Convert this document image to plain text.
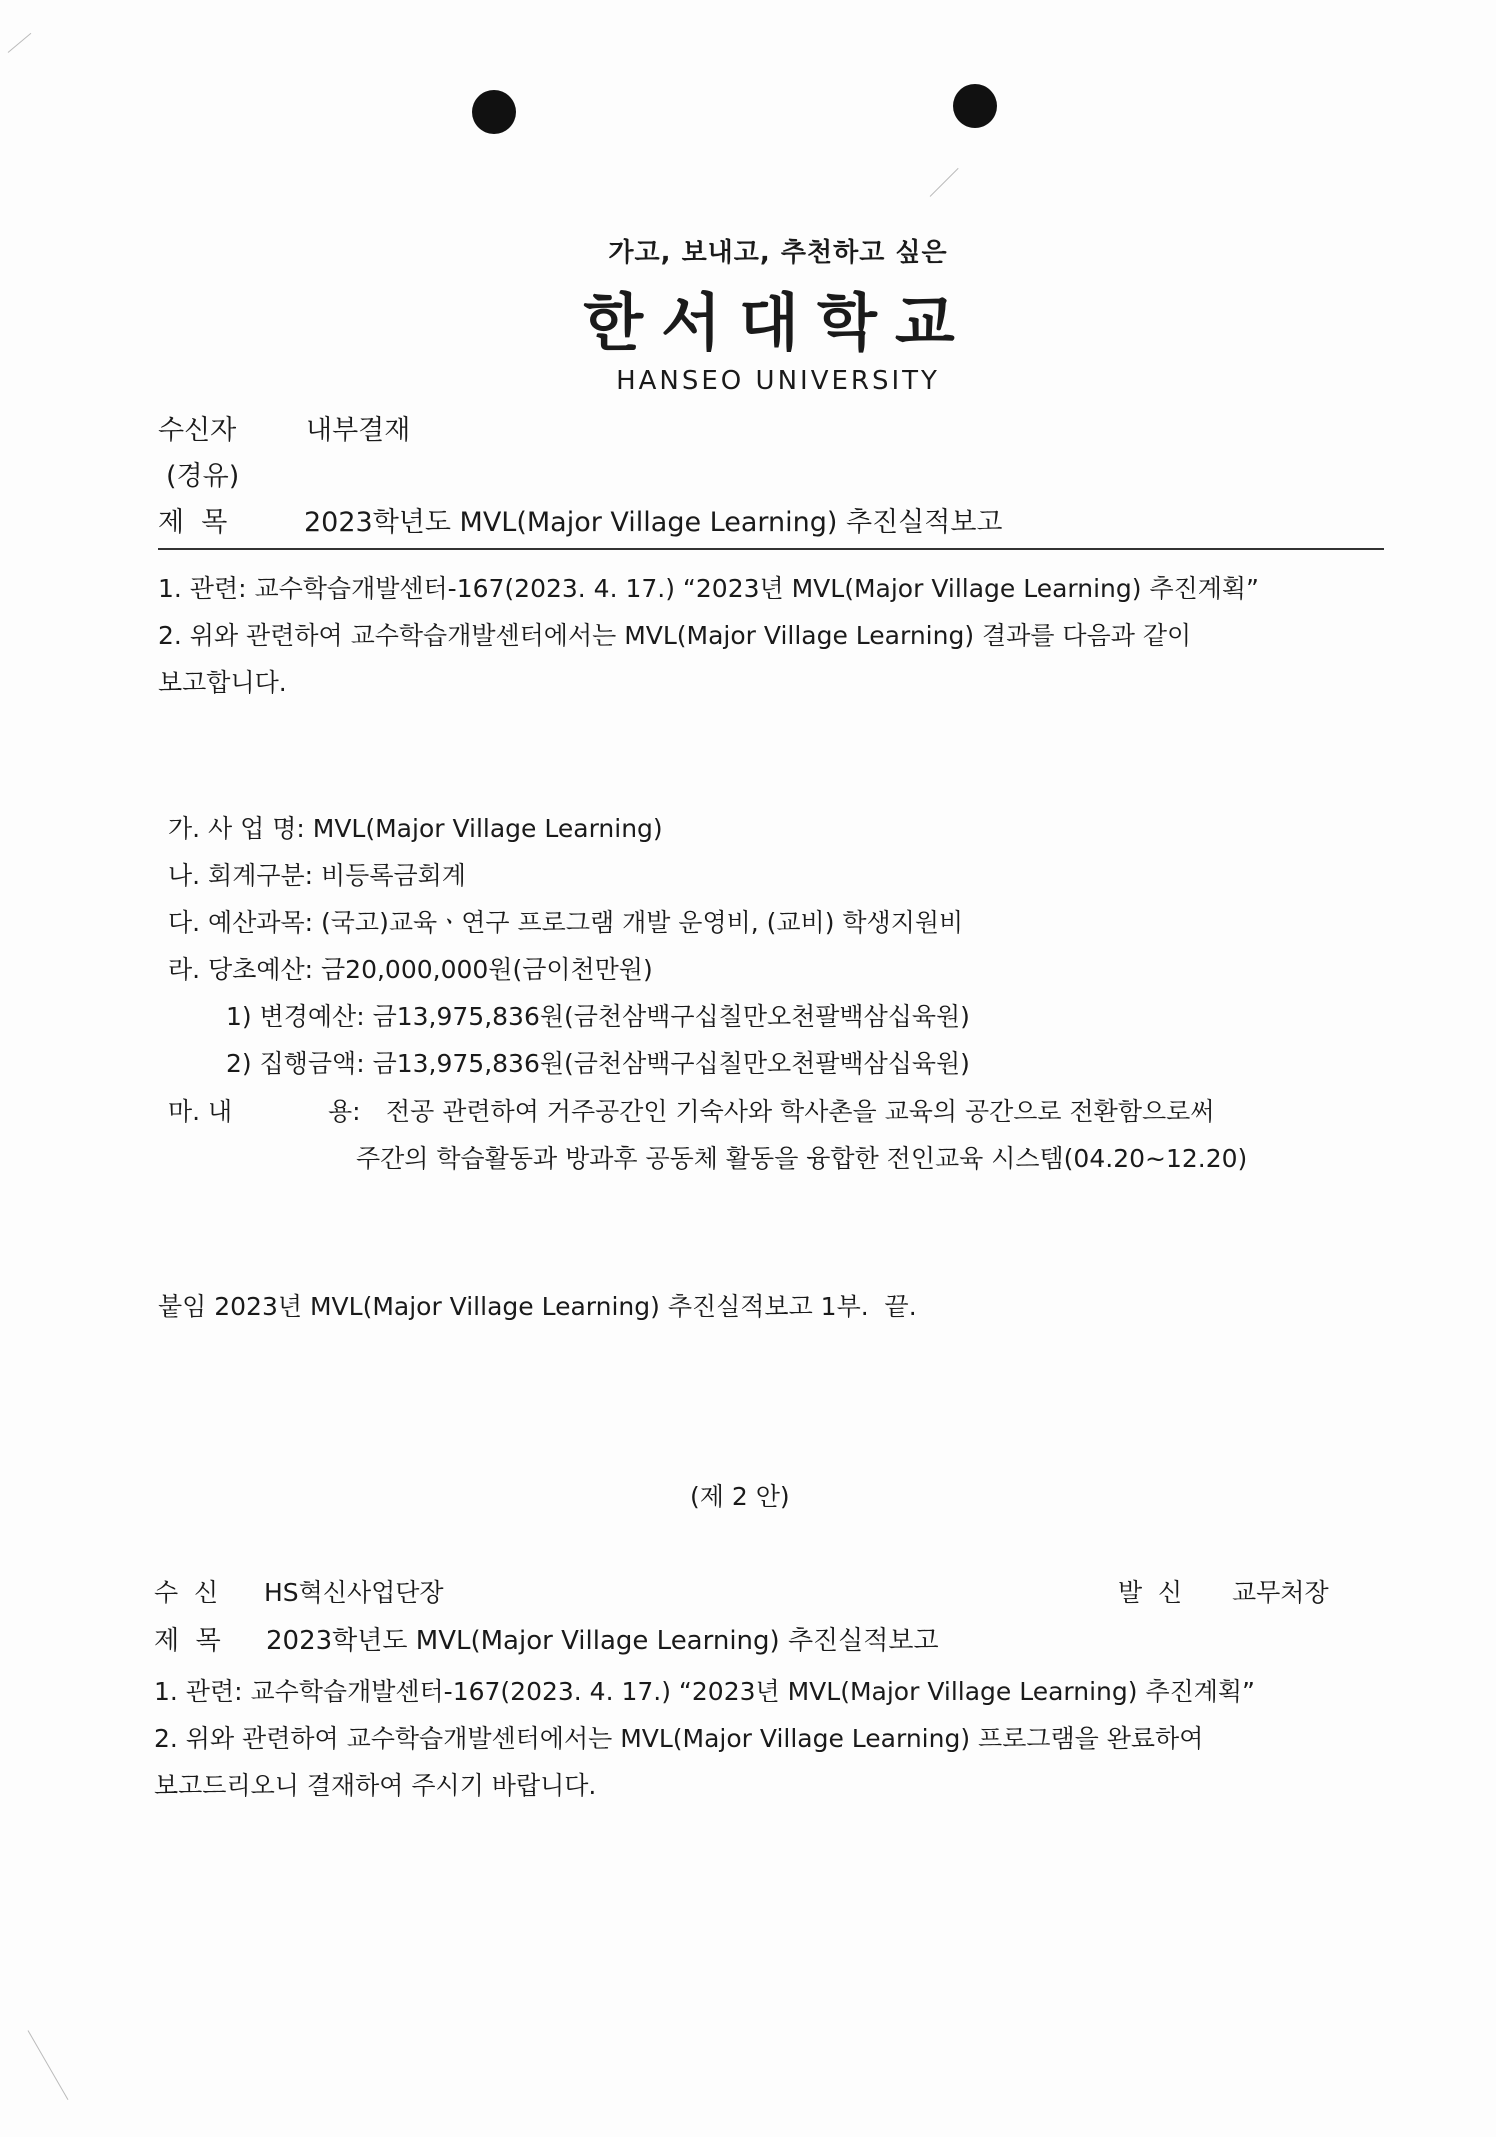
가고, 보내고, 추천하고 싶은
한서대학교
HANSEO UNIVERSITY
수신자	내부결재
(경유)
제  목	2023학년도 MVL(Major Village Learning) 추진실적보고
1. 관련: 교수학습개발센터-167(2023. 4. 17.) “2023년 MVL(Major Village Learning) 추진계획”
2. 위와 관련하여 교수학습개발센터에서는 MVL(Major Village Learning) 결과를 다음과 같이
보고합니다.
가. 사 업 명: MVL(Major Village Learning)
나. 회계구분: 비등록금회계
다. 예산과목: (국고)교육ㆍ연구 프로그램 개발 운영비, (교비) 학생지원비
라. 당초예산: 금20,000,000원(금이천만원)
1) 변경예산: 금13,975,836원(금천삼백구십칠만오천팔백삼십육원)
2) 집행금액: 금13,975,836원(금천삼백구십칠만오천팔백삼십육원)
마. 내	용: 전공 관련하여 거주공간인 기숙사와 학사촌을 교육의 공간으로 전환함으로써
주간의 학습활동과 방과후 공동체 활동을 융합한 전인교육 시스템(04.20~12.20)
붙임 2023년 MVL(Major Village Learning) 추진실적보고 1부.  끝.
(제 2 안)
수  신 HS혁신사업단장	발  신 교무처장
제  목 2023학년도 MVL(Major Village Learning) 추진실적보고
1. 관련: 교수학습개발센터-167(2023. 4. 17.) “2023년 MVL(Major Village Learning) 추진계획”
2. 위와 관련하여 교수학습개발센터에서는 MVL(Major Village Learning) 프로그램을 완료하여
보고드리오니 결재하여 주시기 바랍니다.
